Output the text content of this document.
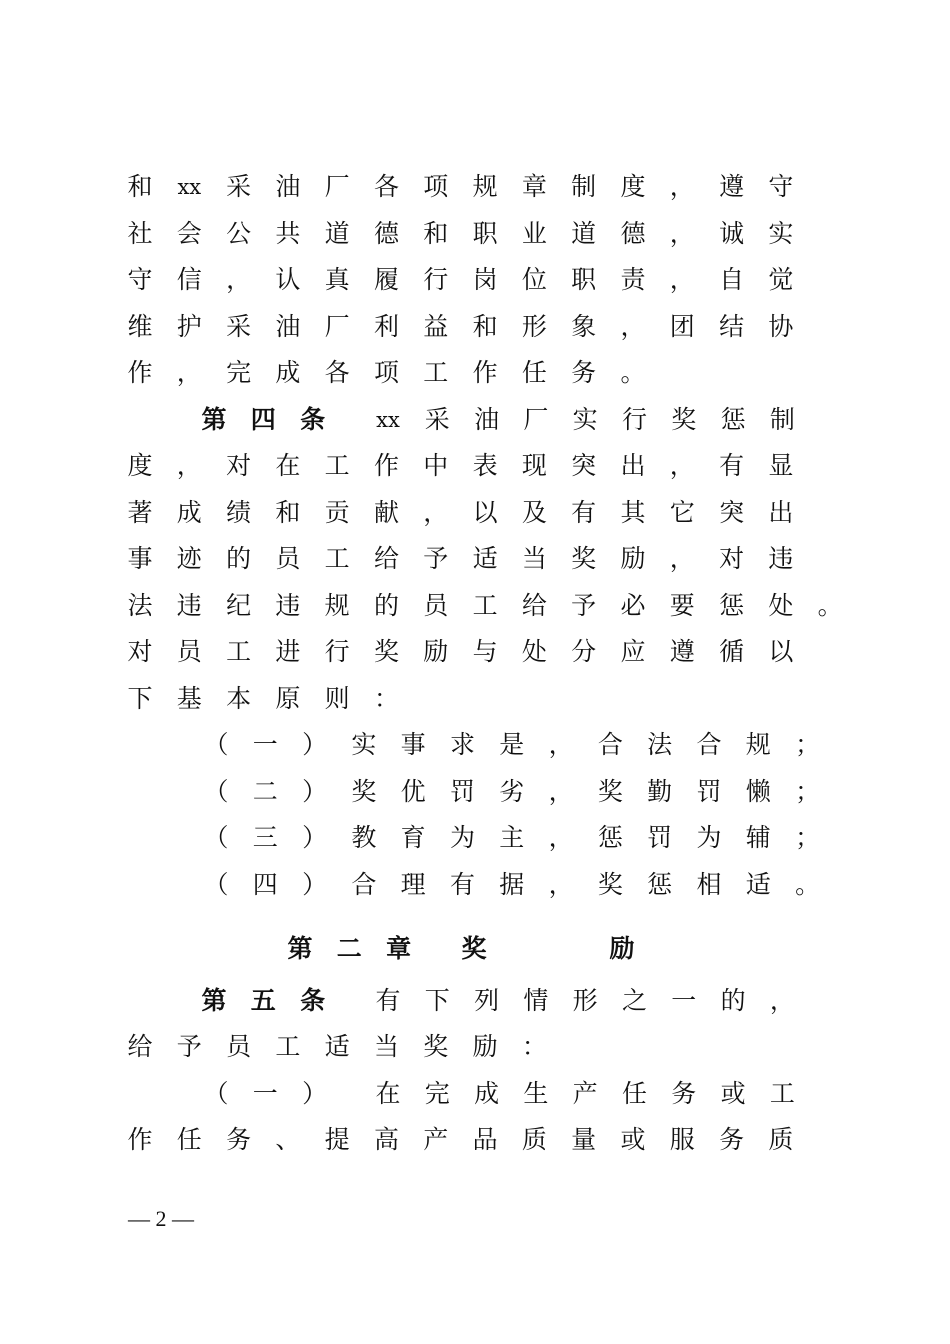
和 xx 采 油 厂 各 项 规 章 制 度 ， 遵 守
社 会 公 共 道 德 和 职 业 道 德 ， 诚 实
守 信 ， 认 真 履 行 岗 位 职 责 ， 自 觉
维 护 采 油 厂 利 益 和 形 象 ， 团 结 协
作 ， 完 成 各 项 工 作 任 务 。
第 四 条 xx 采 油 厂 实 行 奖 惩 制
度 ， 对 在 工 作 中 表 现 突 出 ， 有 显
著 成 绩 和 贡 献 ， 以 及 有 其 它 突 出
事 迹 的 员 工 给 予 适 当 奖 励 ， 对 违
法 违 纪 违 规 的 员 工 给 予 必 要 惩 处 。
对 员 工 进 行 奖 励 与 处 分 应 遵 循 以
下 基 本 原 则 ：
（ 一 ） 实 事 求 是 ， 合 法 合 规 ；
（ 二 ） 奖 优 罚 劣 ， 奖 勤 罚 懒 ；
（ 三 ） 教 育 为 主 ， 惩 罚 为 辅 ；
（ 四 ） 合 理 有 据 ， 奖 惩 相 适 。
第 二 章 奖	励
第 五 条 有 下 列 情 形 之 一 的 ，
给 予 员 工 适 当 奖 励 ：
（ 一 ） 在 完 成 生 产 任 务 或 工
作 任 务 、 提 高 产 品 质 量 或 服 务 质
— 2 —
